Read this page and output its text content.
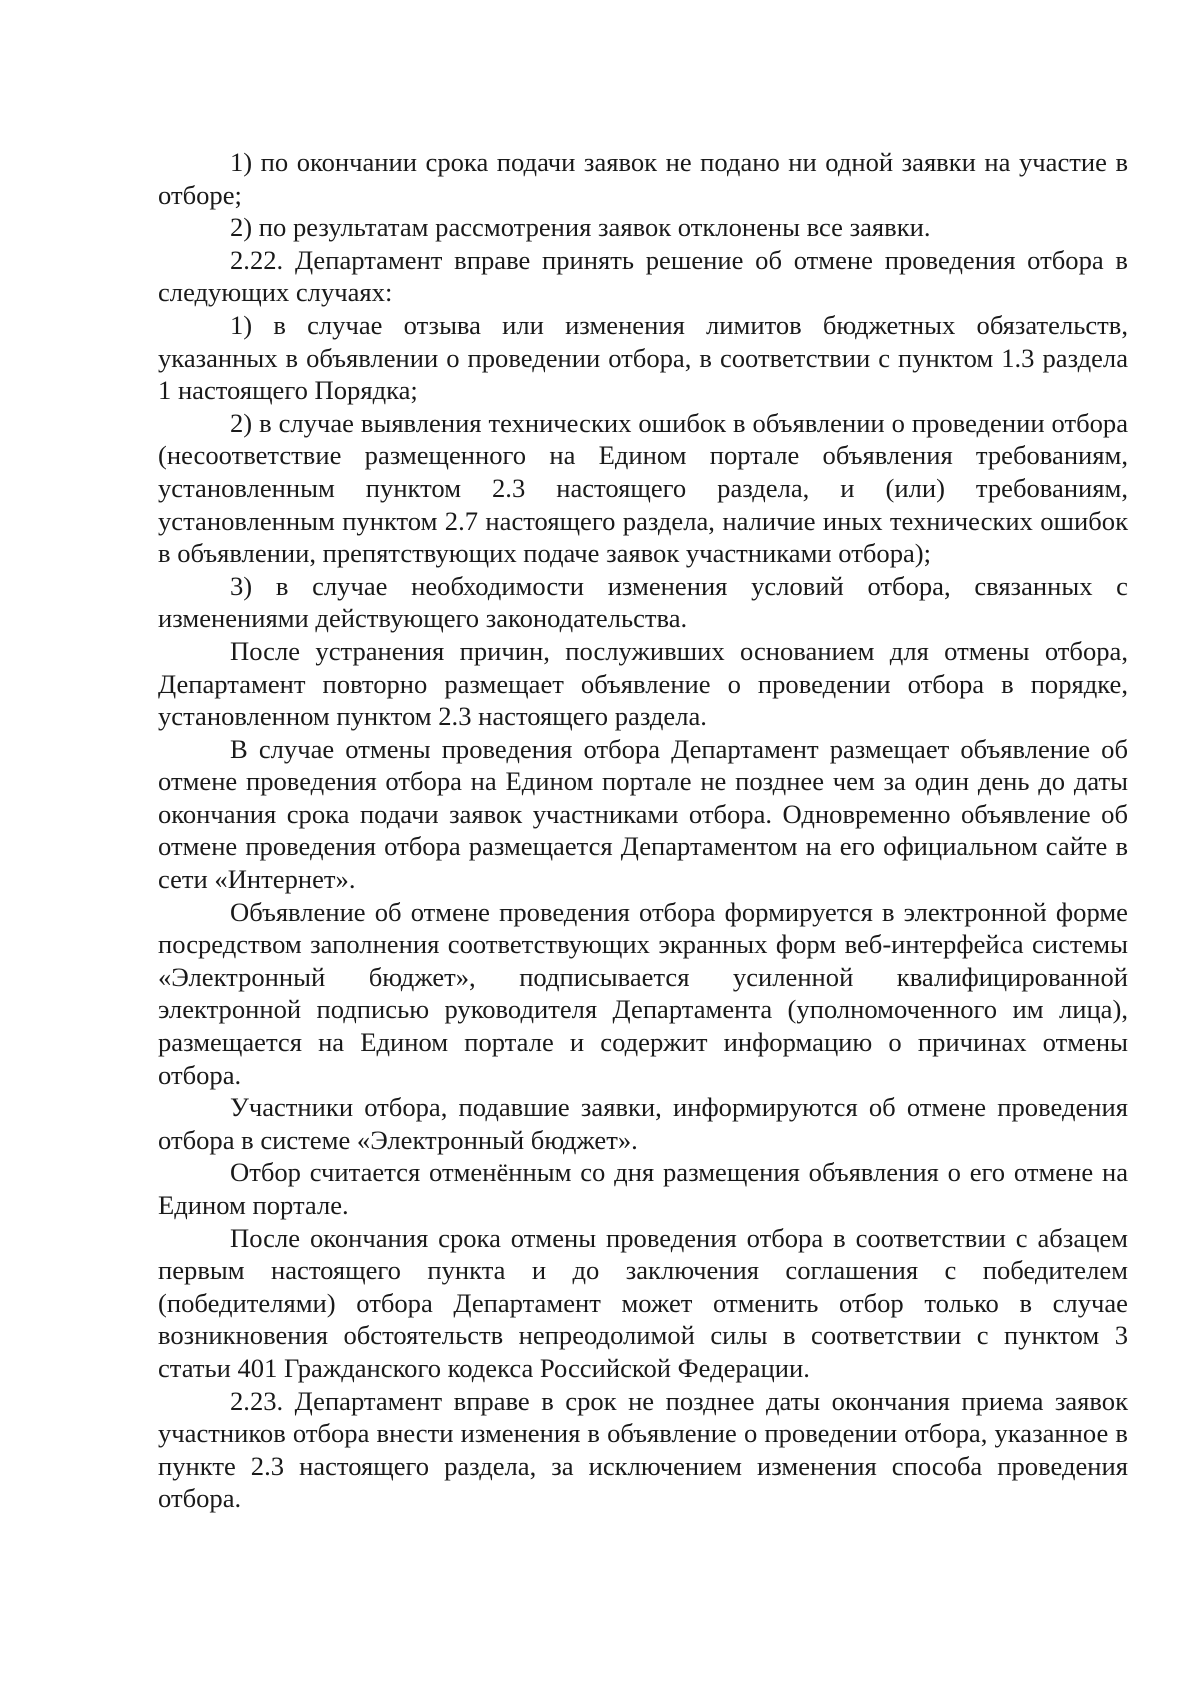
1) по окончании срока подачи заявок не подано ни одной заявки на участие в отборе;

2) по результатам рассмотрения заявок отклонены все заявки.

2.22. Департамент вправе принять решение об отмене проведения отбора в следующих случаях:

1) в случае отзыва или изменения лимитов бюджетных обязательств, указанных в объявлении о проведении отбора, в соответствии с пунктом 1.3 раздела 1 настоящего Порядка;

2) в случае выявления технических ошибок в объявлении о проведении отбора (несоответствие размещенного на Едином портале объявления требованиям, установленным пунктом 2.3 настоящего раздела, и (или) требованиям, установленным пунктом 2.7 настоящего раздела, наличие иных технических ошибок в объявлении, препятствующих подаче заявок участниками отбора);

3) в случае необходимости изменения условий отбора, связанных с изменениями действующего законодательства.

После устранения причин, послуживших основанием для отмены отбора, Департамент повторно размещает объявление о проведении отбора в порядке, установленном пунктом 2.3 настоящего раздела.

В случае отмены проведения отбора Департамент размещает объявление об отмене проведения отбора на Едином портале не позднее чем за один день до даты окончания срока подачи заявок участниками отбора. Одновременно объявление об отмене проведения отбора размещается Департаментом на его официальном сайте в сети «Интернет».

Объявление об отмене проведения отбора формируется в электронной форме посредством заполнения соответствующих экранных форм веб-интерфейса системы «Электронный бюджет», подписывается усиленной квалифицированной электронной подписью руководителя Департамента (уполномоченного им лица), размещается на Едином портале и содержит информацию о причинах отмены отбора.

Участники отбора, подавшие заявки, информируются об отмене проведения отбора в системе «Электронный бюджет».

Отбор считается отменённым со дня размещения объявления о его отмене на Едином портале.

После окончания срока отмены проведения отбора в соответствии с абзацем первым настоящего пункта и до заключения соглашения с победителем (победителями) отбора Департамент может отменить отбор только в случае возникновения обстоятельств непреодолимой силы в соответствии с пунктом 3 статьи 401 Гражданского кодекса Российской Федерации.

2.23. Департамент вправе в срок не позднее даты окончания приема заявок участников отбора внести изменения в объявление о проведении отбора, указанное в пункте 2.3 настоящего раздела, за исключением изменения способа проведения отбора.
